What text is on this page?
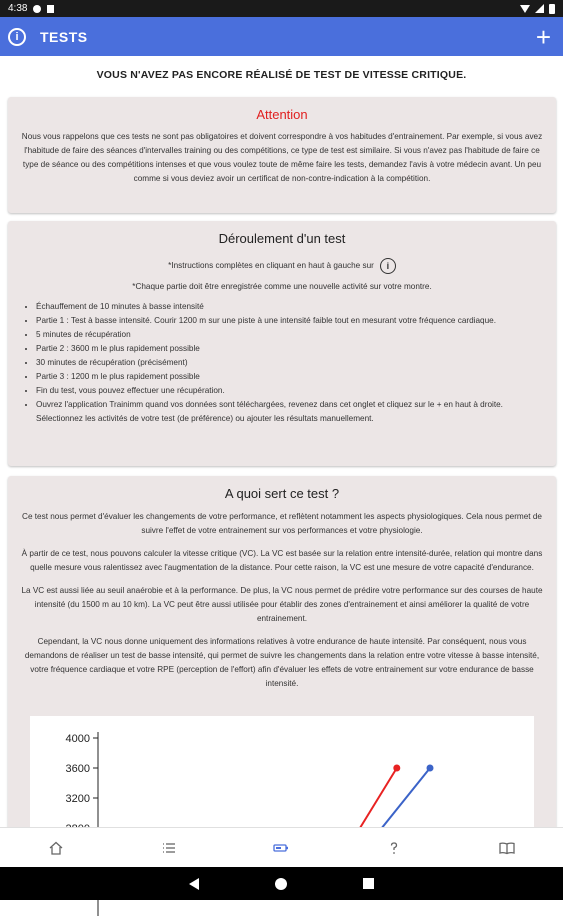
4:38
i	TESTS	+
VOUS N'AVEZ PAS ENCORE RÉALISÉ DE TEST DE VITESSE CRITIQUE.
Attention

Nous vous rappelons que ces tests ne sont pas obligatoires et doivent correspondre à vos habitudes d'entrainement. Par exemple, si vous avez l'habitude de faire des séances d'intervalles training ou des compétitions, ce type de test est similaire. Si vous n'avez pas l'habitude de faire ce type de séance ou des compétitions intenses et que vous voulez toute de même faire les tests, demandez l'avis à votre médecin avant. Un peu comme si vous deviez avoir un certificat de non-contre-indication à la compétition.

Déroulement d'un test

*Instructions complètes en cliquant en haut à gauche sur	i

*Chaque partie doit être enregistrée comme une nouvelle activité sur votre montre.

• Échauffement de 10 minutes à basse intensité
• Partie 1 : Test à basse intensité. Courir 1200 m sur une piste à une intensité faible tout en mesurant votre fréquence cardiaque.
• 5 minutes de récupération
• Partie 2 : 3600 m le plus rapidement possible
• 30 minutes de récupération (précisément)
• Partie 3 : 1200 m le plus rapidement possible
• Fin du test, vous pouvez effectuer une récupération.
• Ouvrez l'application Trainimm quand vos données sont téléchargées, revenez dans cet onglet et cliquez sur le + en haut à droite. Sélectionnez les activités de votre test (de préférence) ou ajouter les résultats manuellement.
A quoi sert ce test ?

Ce test nous permet d'évaluer les changements de votre performance, et reflètent notamment les aspects physiologiques. Cela nous permet de suivre l'effet de votre entrainement sur vos performances et votre physiologie.

À partir de ce test, nous pouvons calculer la vitesse critique (VC). La VC est basée sur la relation entre intensité-durée, relation qui montre dans quelle mesure vous ralentissez avec l'augmentation de la distance. Pour cette raison, la VC est une mesure de votre capacité d'endurance.

La VC est aussi liée au seuil anaérobie et à la performance. De plus, la VC nous permet de prédire votre performance sur des courses de haute intensité (du 1500 m au 10 km). La VC peut être aussi utilisée pour établir des zones d'entrainement et ainsi améliorer la qualité de votre entrainement.

Cependant, la VC nous donne uniquement des informations relatives à votre endurance de haute intensité. Par conséquent, nous vous demandons de réaliser un test de basse intensité, qui permet de suivre les changements dans la relation entre votre vitesse à basse intensité, votre fréquence cardiaque et votre RPE (perception de l'effort) afin d'évaluer les effets de votre entrainement sur votre endurance de basse intensité.

4000
3600
3200
